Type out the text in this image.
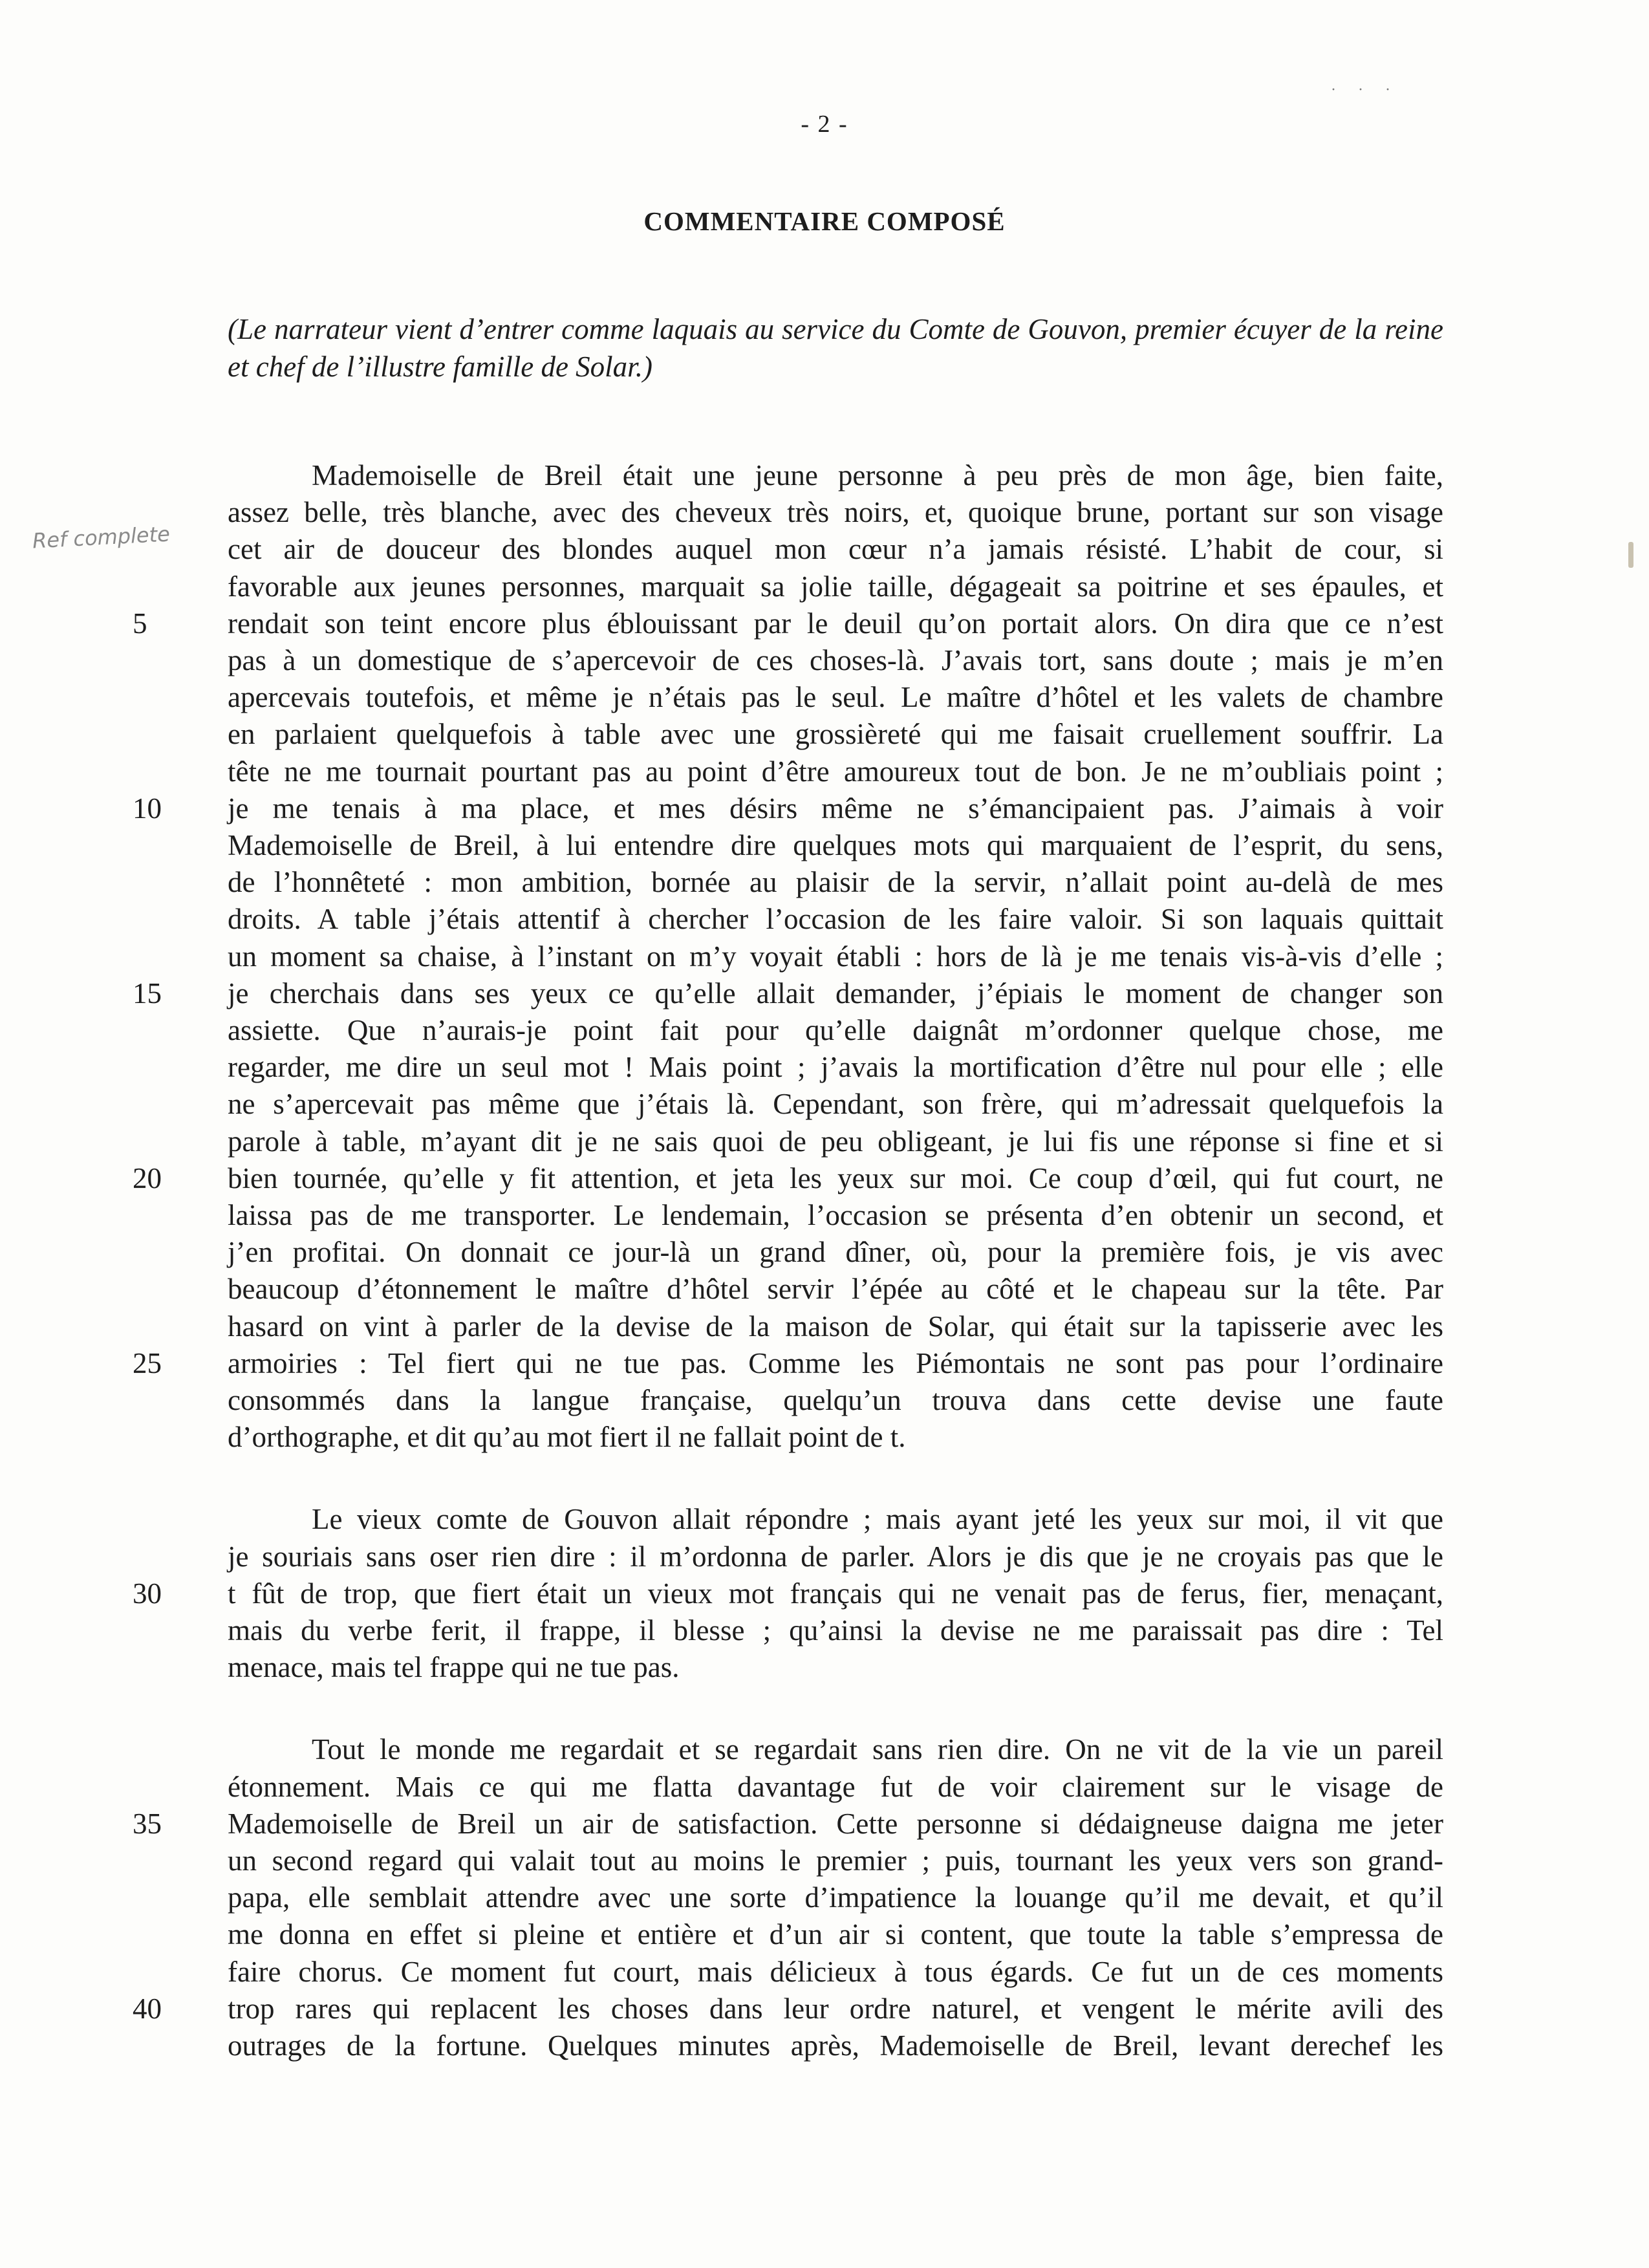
· · ·
- 2 -
COMMENTAIRE COMPOSÉ
(Le narrateur vient d’entrer comme laquais au service du Comte de Gouvon, premier écuyer de la reine et chef de l’illustre famille de Solar.)
Ref complete
Mademoiselle de Breil était une jeune personne à peu près de mon âge, bien faite,
assez belle, très blanche, avec des cheveux très noirs, et, quoique brune, portant sur son visage
cet air de douceur des blondes auquel mon cœur n’a jamais résisté. L’habit de cour, si
favorable aux jeunes personnes, marquait sa jolie taille, dégageait sa poitrine et ses épaules, et
rendait son teint encore plus éblouissant par le deuil qu’on portait alors. On dira que ce n’est
pas à un domestique de s’apercevoir de ces choses-là. J’avais tort, sans doute ; mais je m’en
apercevais toutefois, et même je n’étais pas le seul. Le maître d’hôtel et les valets de chambre
en parlaient quelquefois à table avec une grossièreté qui me faisait cruellement souffrir. La
tête ne me tournait pourtant pas au point d’être amoureux tout de bon. Je ne m’oubliais point ;
je me tenais à ma place, et mes désirs même ne s’émancipaient pas. J’aimais à voir
Mademoiselle de Breil, à lui entendre dire quelques mots qui marquaient de l’esprit, du sens,
de l’honnêteté : mon ambition, bornée au plaisir de la servir, n’allait point au-delà de mes
droits. A table j’étais attentif à chercher l’occasion de les faire valoir. Si son laquais quittait
un moment sa chaise, à l’instant on m’y voyait établi : hors de là je me tenais vis-à-vis d’elle ;
je cherchais dans ses yeux ce qu’elle allait demander, j’épiais le moment de changer son
assiette. Que n’aurais-je point fait pour qu’elle daignât m’ordonner quelque chose, me
regarder, me dire un seul mot ! Mais point ; j’avais la mortification d’être nul pour elle ; elle
ne s’apercevait pas même que j’étais là. Cependant, son frère, qui m’adressait quelquefois la
parole à table, m’ayant dit je ne sais quoi de peu obligeant, je lui fis une réponse si fine et si
bien tournée, qu’elle y fit attention, et jeta les yeux sur moi. Ce coup d’œil, qui fut court, ne
laissa pas de me transporter. Le lendemain, l’occasion se présenta d’en obtenir un second, et
j’en profitai. On donnait ce jour-là un grand dîner, où, pour la première fois, je vis avec
beaucoup d’étonnement le maître d’hôtel servir l’épée au côté et le chapeau sur la tête. Par
hasard on vint à parler de la devise de la maison de Solar, qui était sur la tapisserie avec les
armoiries : Tel fiert qui ne tue pas. Comme les Piémontais ne sont pas pour l’ordinaire
consommés dans la langue française, quelqu’un trouva dans cette devise une faute
d’orthographe, et dit qu’au mot fiert il ne fallait point de t.
Le vieux comte de Gouvon allait répondre ; mais ayant jeté les yeux sur moi, il vit que
je souriais sans oser rien dire : il m’ordonna de parler. Alors je dis que je ne croyais pas que le
t fût de trop, que fiert était un vieux mot français qui ne venait pas de ferus, fier, menaçant,
mais du verbe ferit, il frappe, il blesse ; qu’ainsi la devise ne me paraissait pas dire : Tel
menace, mais tel frappe qui ne tue pas.
Tout le monde me regardait et se regardait sans rien dire. On ne vit de la vie un pareil
étonnement. Mais ce qui me flatta davantage fut de voir clairement sur le visage de
Mademoiselle de Breil un air de satisfaction. Cette personne si dédaigneuse daigna me jeter
un second regard qui valait tout au moins le premier ; puis, tournant les yeux vers son grand-
papa, elle semblait attendre avec une sorte d’impatience la louange qu’il me devait, et qu’il
me donna en effet si pleine et entière et d’un air si content, que toute la table s’empressa de
faire chorus. Ce moment fut court, mais délicieux à tous égards. Ce fut un de ces moments
trop rares qui replacent les choses dans leur ordre naturel, et vengent le mérite avili des
outrages de la fortune. Quelques minutes après, Mademoiselle de Breil, levant derechef les
5
10
15
20
25
30
35
40
